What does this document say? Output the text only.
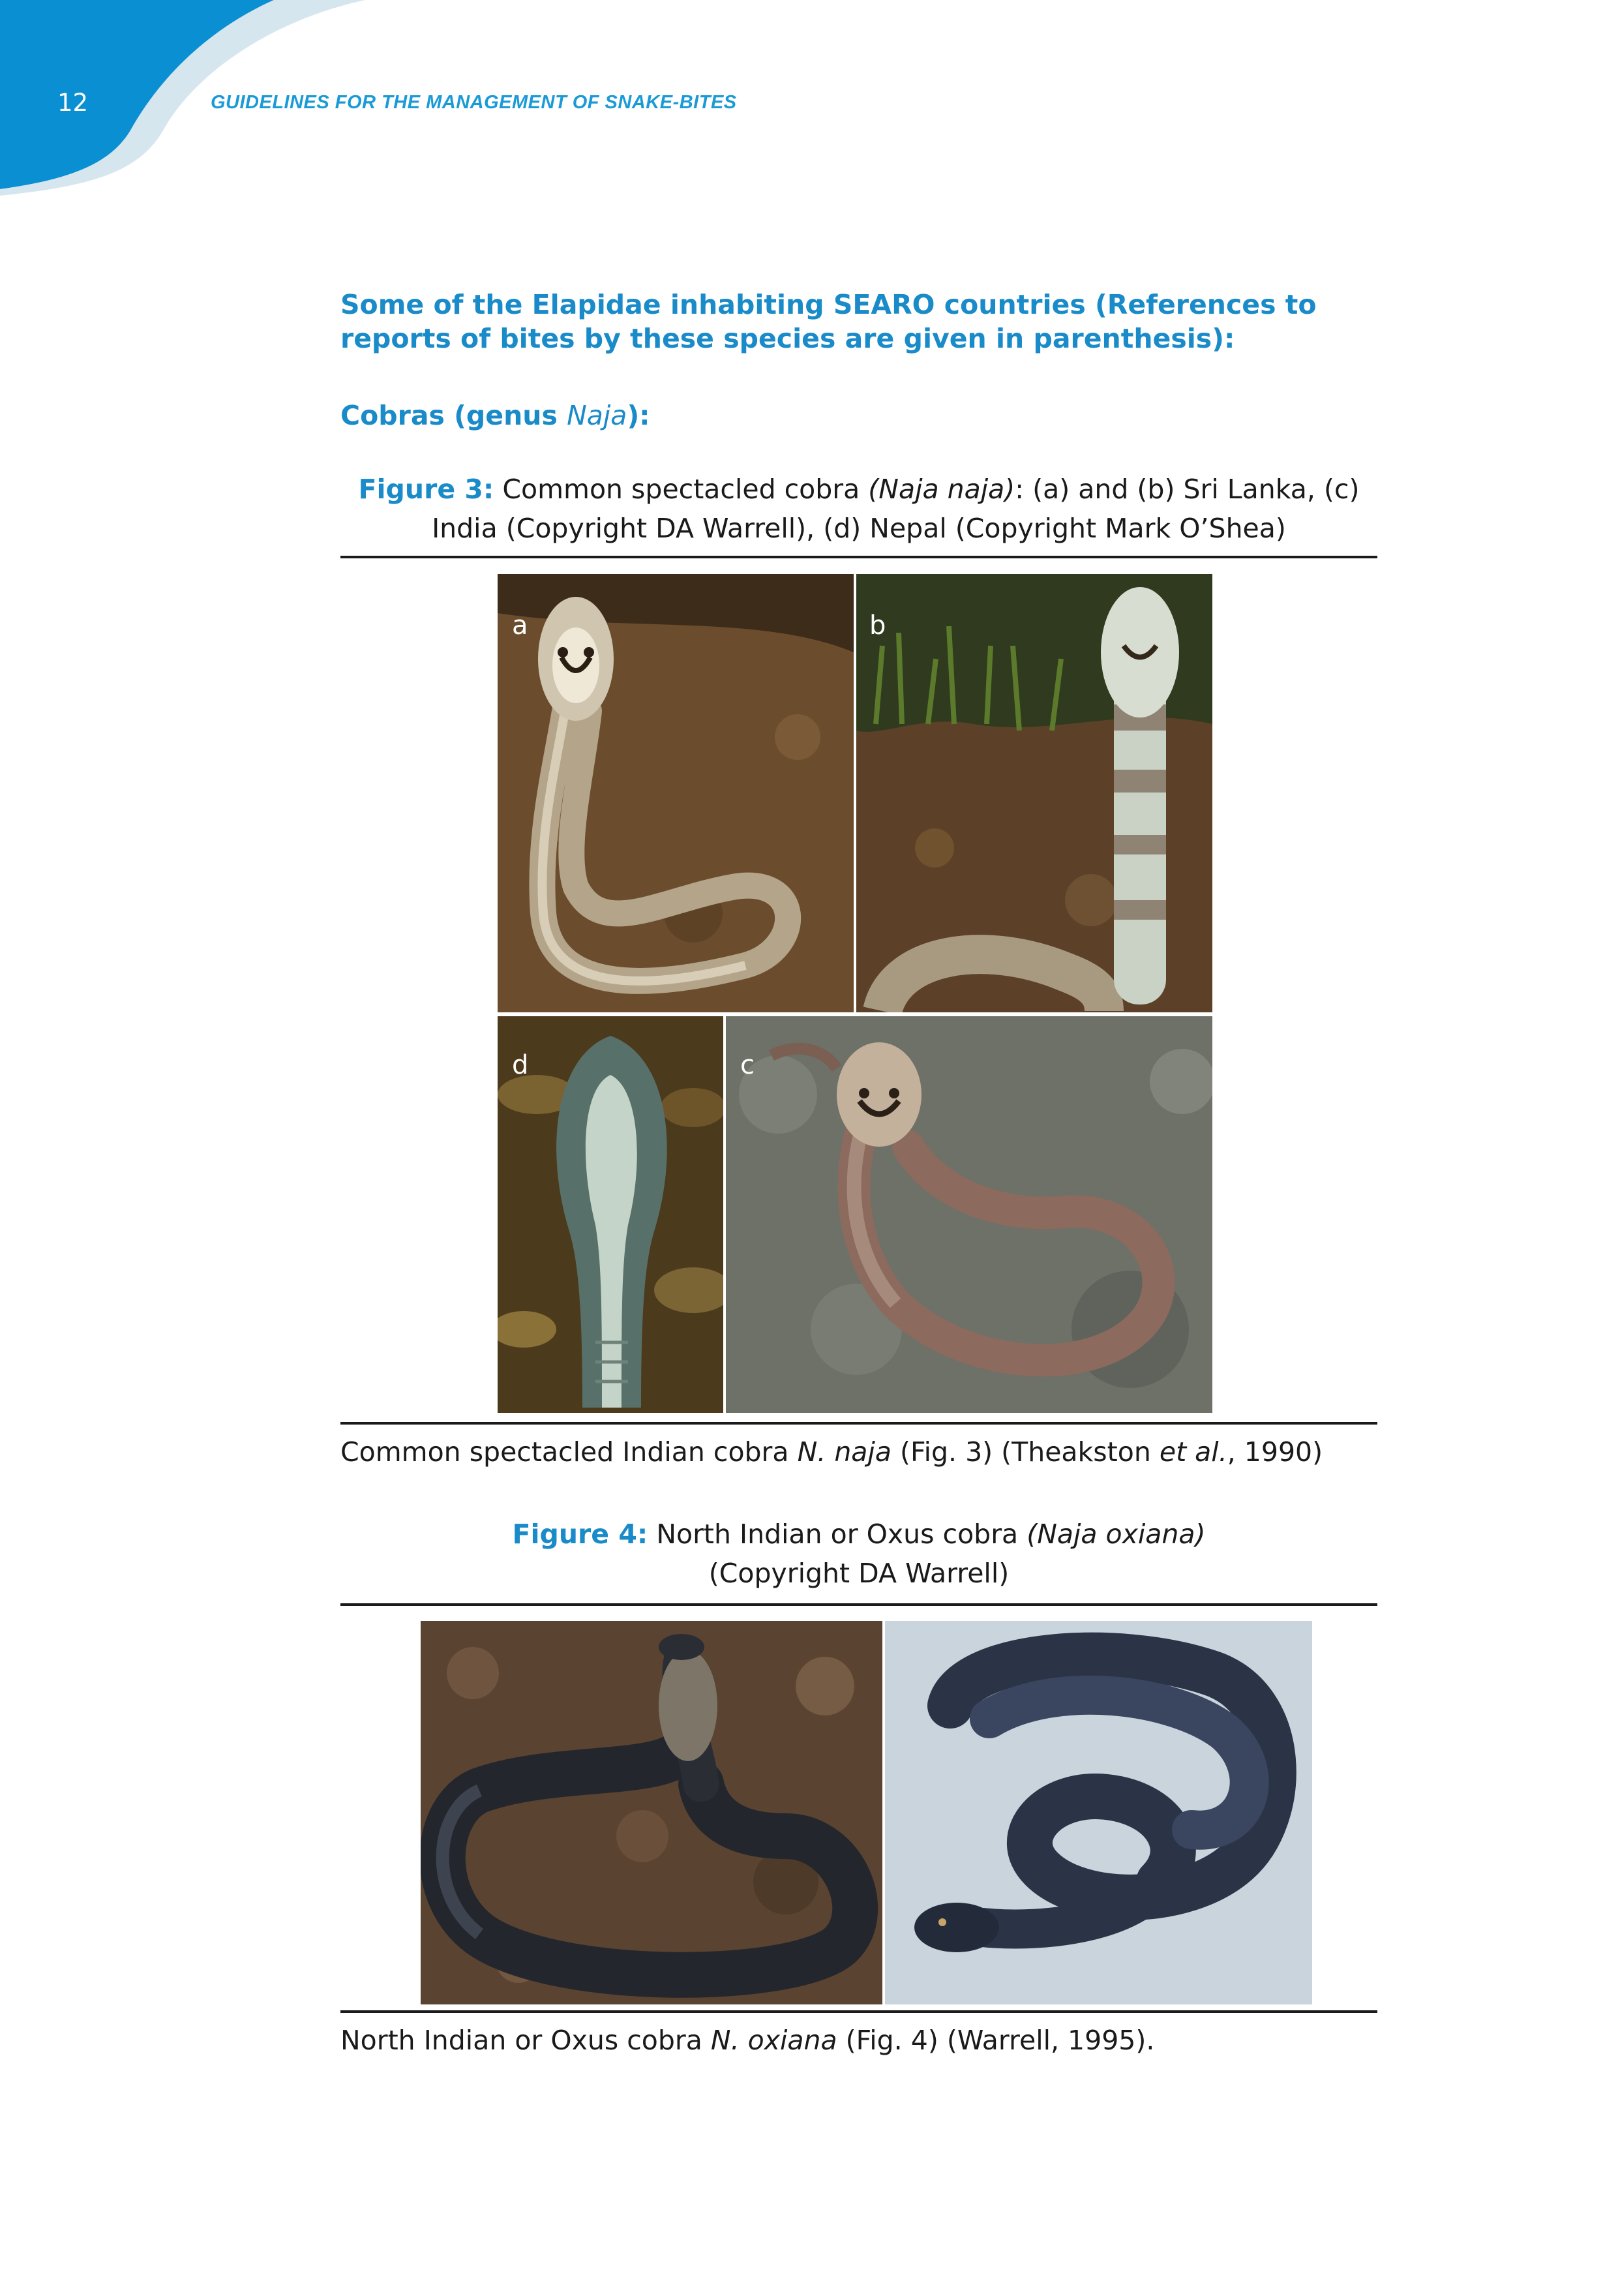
12	GUIDELINES FOR THE MANAGEMENT OF SNAKE-BITES
Some of the Elapidae inhabiting SEARO countries (References to reports of bites by these species are given in parenthesis):
Cobras (genus Naja):
Figure 3: Common spectacled cobra (Naja naja): (a) and (b) Sri Lanka, (c) India (Copyright DA Warrell), (d) Nepal (Copyright Mark O’Shea)
a	b
d	c
Common spectacled Indian cobra N. naja (Fig. 3) (Theakston et al., 1990)
Figure 4: North Indian or Oxus cobra (Naja oxiana)
(Copyright DA Warrell)
North Indian or Oxus cobra N. oxiana (Fig. 4) (Warrell, 1995).
